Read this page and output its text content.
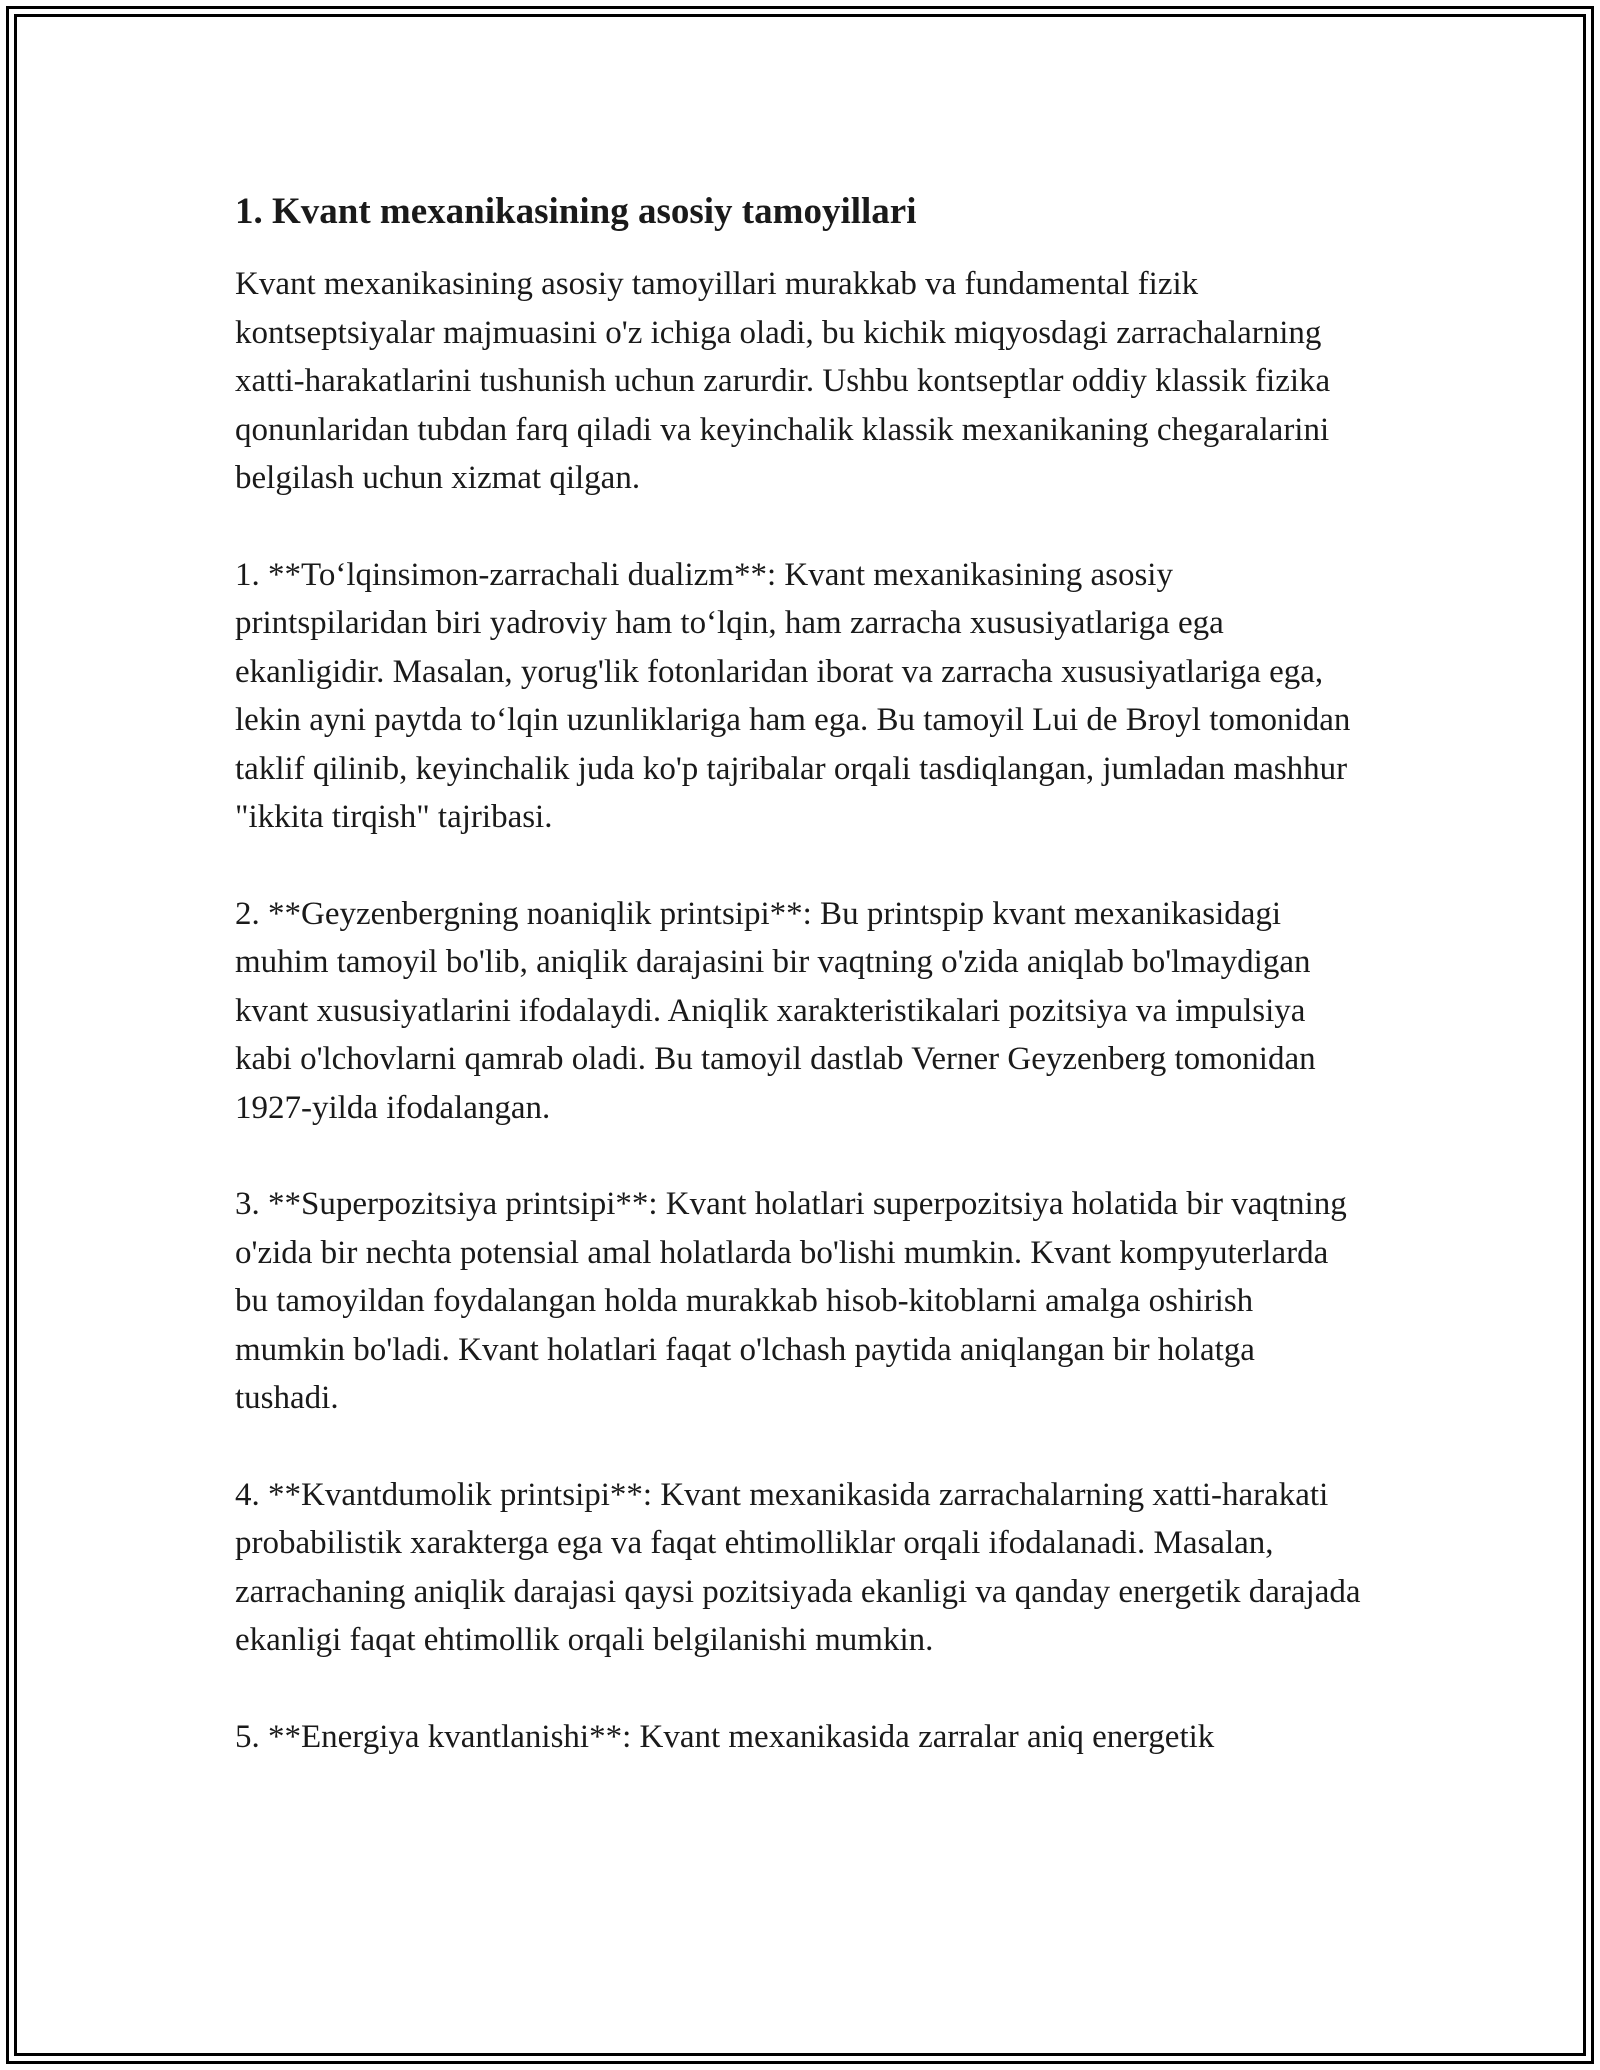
1. Kvant mexanikasining asosiy tamoyillari

Kvant mexanikasining asosiy tamoyillari murakkab va fundamental fizik kontseptsiyalar majmuasini o'z ichiga oladi, bu kichik miqyosdagi zarrachalarning xatti-harakatlarini tushunish uchun zarurdir. Ushbu kontseptlar oddiy klassik fizika qonunlaridan tubdan farq qiladi va keyinchalik klassik mexanikaning chegaralarini belgilash uchun xizmat qilgan.

1. **To‘lqinsimon-zarrachali dualizm**: Kvant mexanikasining asosiy printspilaridan biri yadroviy ham to‘lqin, ham zarracha xususiyatlariga ega ekanligidir. Masalan, yorug'lik fotonlaridan iborat va zarracha xususiyatlariga ega, lekin ayni paytda to‘lqin uzunliklariga ham ega. Bu tamoyil Lui de Broyl tomonidan taklif qilinib, keyinchalik juda ko'p tajribalar orqali tasdiqlangan, jumladan mashhur "ikkita tirqish" tajribasi.

2. **Geyzenbergning noaniqlik printsipi**: Bu printspip kvant mexanikasidagi muhim tamoyil bo'lib, aniqlik darajasini bir vaqtning o'zida aniqlab bo'lmaydigan kvant xususiyatlarini ifodalaydi. Aniqlik xarakteristikalari pozitsiya va impulsiya kabi o'lchovlarni qamrab oladi. Bu tamoyil dastlab Verner Geyzenberg tomonidan 1927-yilda ifodalangan.

3. **Superpozitsiya printsipi**: Kvant holatlari superpozitsiya holatida bir vaqtning o'zida bir nechta potensial amal holatlarda bo'lishi mumkin. Kvant kompyuterlarda bu tamoyildan foydalangan holda murakkab hisob-kitoblarni amalga oshirish mumkin bo'ladi. Kvant holatlari faqat o'lchash paytida aniqlangan bir holatga tushadi.

4. **Kvantdumolik printsipi**: Kvant mexanikasida zarrachalarning xatti-harakati probabilistik xarakterga ega va faqat ehtimolliklar orqali ifodalanadi. Masalan, zarrachaning aniqlik darajasi qaysi pozitsiyada ekanligi va qanday energetik darajada ekanligi faqat ehtimollik orqali belgilanishi mumkin.

5. **Energiya kvantlanishi**: Kvant mexanikasida zarralar aniq energetik
